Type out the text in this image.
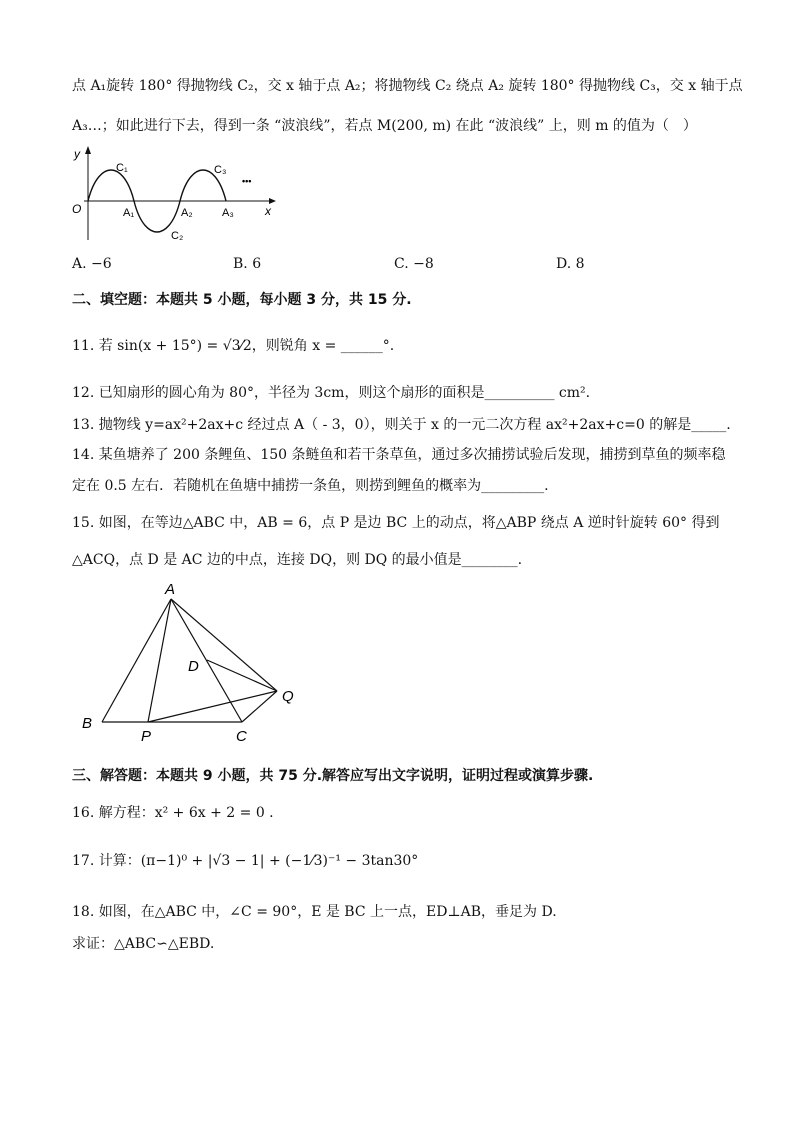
点 A₁旋转 180° 得抛物线 C₂，交 x 轴于点 A₂；将抛物线 C₂ 绕点 A₂ 旋转 180° 得抛物线 C₃，交 x 轴于点
A₃…；如此进行下去，得到一条 “波浪线”，若点 M(200, m) 在此 “波浪线” 上，则 m 的值为（　）
y
x
O
C₁
C₂
C₃
A₁	A₂	A₃
•••
A. −6	B. 6	C. −8	D. 8
二、填空题：本题共 5 小题，每小题 3 分，共 15 分.
11. 若 sin(x + 15°) = √3⁄2，则锐角 x = ______°.
12. 已知扇形的圆心角为 80°，半径为 3cm，则这个扇形的面积是__________ cm².
13. 抛物线 y=ax²+2ax+c 经过点 A（ - 3，0），则关于 x 的一元二次方程 ax²+2ax+c=0 的解是_____.
14. 某鱼塘养了 200 条鲤鱼、150 条鲢鱼和若干条草鱼，通过多次捕捞试验后发现，捕捞到草鱼的频率稳
定在 0.5 左右．若随机在鱼塘中捕捞一条鱼，则捞到鲤鱼的概率为_________.
15. 如图，在等边△ABC 中，AB = 6，点 P 是边 BC 上的动点，将△ABP 绕点 A 逆时针旋转 60° 得到
△ACQ，点 D 是 AC 边的中点，连接 DQ，则 DQ 的最小值是________.
A
B
C
D
P
Q
三、解答题：本题共 9 小题，共 75 分.解答应写出文字说明，证明过程或演算步骤.
16. 解方程：x² + 6x + 2 = 0 .
17. 计算：(π−1)⁰ + |√3 − 1| + (−1⁄3)⁻¹ − 3tan30°
18. 如图，在△ABC 中，∠C = 90°，E 是 BC 上一点，ED⊥AB，垂足为 D.
求证：△ABC∽△EBD.
